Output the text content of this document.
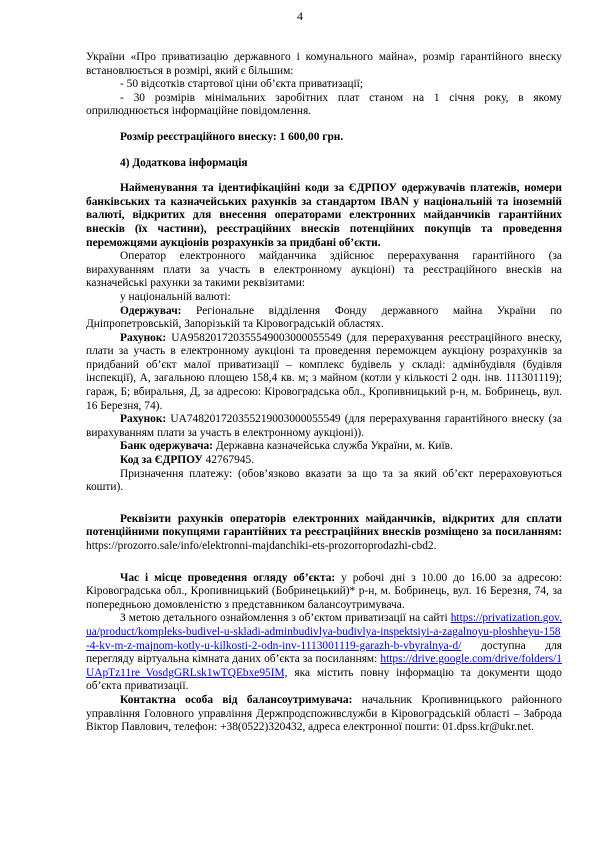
4

України «Про приватизацію державного і комунального майна», розмір гарантійного внеску встановлюється в розмірі, який є більшим:

- 50 відсотків стартової ціни об’єкта приватизації;

- 30 розмірів мінімальних заробітних плат станом на 1 січня року, в якому оприлюднюється інформаційне повідомлення.

Розмір реєстраційного внеску: 1 600,00 грн.

4) Додаткова інформація

Найменування та ідентифікаційні коди за ЄДРПОУ одержувачів платежів, номери банківських та казначейських рахунків за стандартом IBAN у національній та іноземній валюті, відкритих для внесення операторами електронних майданчиків гарантійних внесків (їх частини), реєстраційних внесків потенційних покупців та проведення переможцями аукціонів розрахунків за придбані об’єкти.

Оператор електронного майданчика здійснює перерахування гарантійного (за вирахуванням плати за участь в електронному аукціоні) та реєстраційного внесків на казначейські рахунки за такими реквізитами:

у національній валюті:

Одержувач: Регіональне відділення Фонду державного майна України по Дніпропетровській, Запорізькій та Кіровоградській областях.

Рахунок: UA958201720355549003000055549 (для перерахування реєстраційного внеску, плати за участь в електронному аукціоні та проведення переможцем аукціону розрахунків за придбаний об’єкт малої приватизації – комплекс будівель у складі: адмінбудівля (будівля інспекції), А, загальною площею 158,4 кв. м; з майном (котли у кількості 2 одн. інв. 111301119); гараж, Б; вбиральня, Д, за адресою: Кіровоградська обл., Кропивницький р-н, м. Бобринець, вул. 16 Березня, 74).

Рахунок: UA748201720355219003000055549 (для перерахування гарантійного внеску (за вирахуванням плати за участь в електронному аукціоні)).

Банк одержувача: Державна казначейська служба України, м. Київ.

Код за ЄДРПОУ 42767945.

Призначення платежу: (обов’язково вказати за що та за який об’єкт перераховуються кошти).

Реквізити рахунків операторів електронних майданчиків, відкритих для сплати потенційними покупцями гарантійних та реєстраційних внесків розміщено за посиланням: https://prozorro.sale/info/elektronni-majdanchiki-ets-prozorroprodazhi-cbd2.

Час і місце проведення огляду об’єкта: у робочі дні з 10.00 до 16.00 за адресою: Кіровоградська обл., Кропивницький (Бобринецький)* р-н, м. Бобринець, вул. 16 Березня, 74, за попередньою домовленістю з представником балансоутримувача.

З метою детального ознайомлення з об’єктом приватизації на сайті https://privatization.gov.ua/product/kompleks-budivel-u-skladi-adminbudivlya-budivlya-inspektsiyi-a-zagalnoyu-ploshheyu-158-4-kv-m-z-majnom-kotly-u-kilkosti-2-odn-inv-1113001119-garazh-b-vbyralnya-d/ доступна для перегляду віртуальна кімната даних об’єкта за посиланням: https://drive.google.com/drive/folders/1UApTz11re_VosdgGRLsk1wTQEbxe95IM, яка містить повну інформацію та документи щодо об’єкта приватизації.

Контактна особа від балансоутримувача: начальник Кропивницького районного управління Головного управління Держпродспоживслужби в Кіровоградській області – Заброда Віктор Павлович, телефон: +38(0522)320432, адреса електронної пошти: 01.dpss.kr@ukr.net.
